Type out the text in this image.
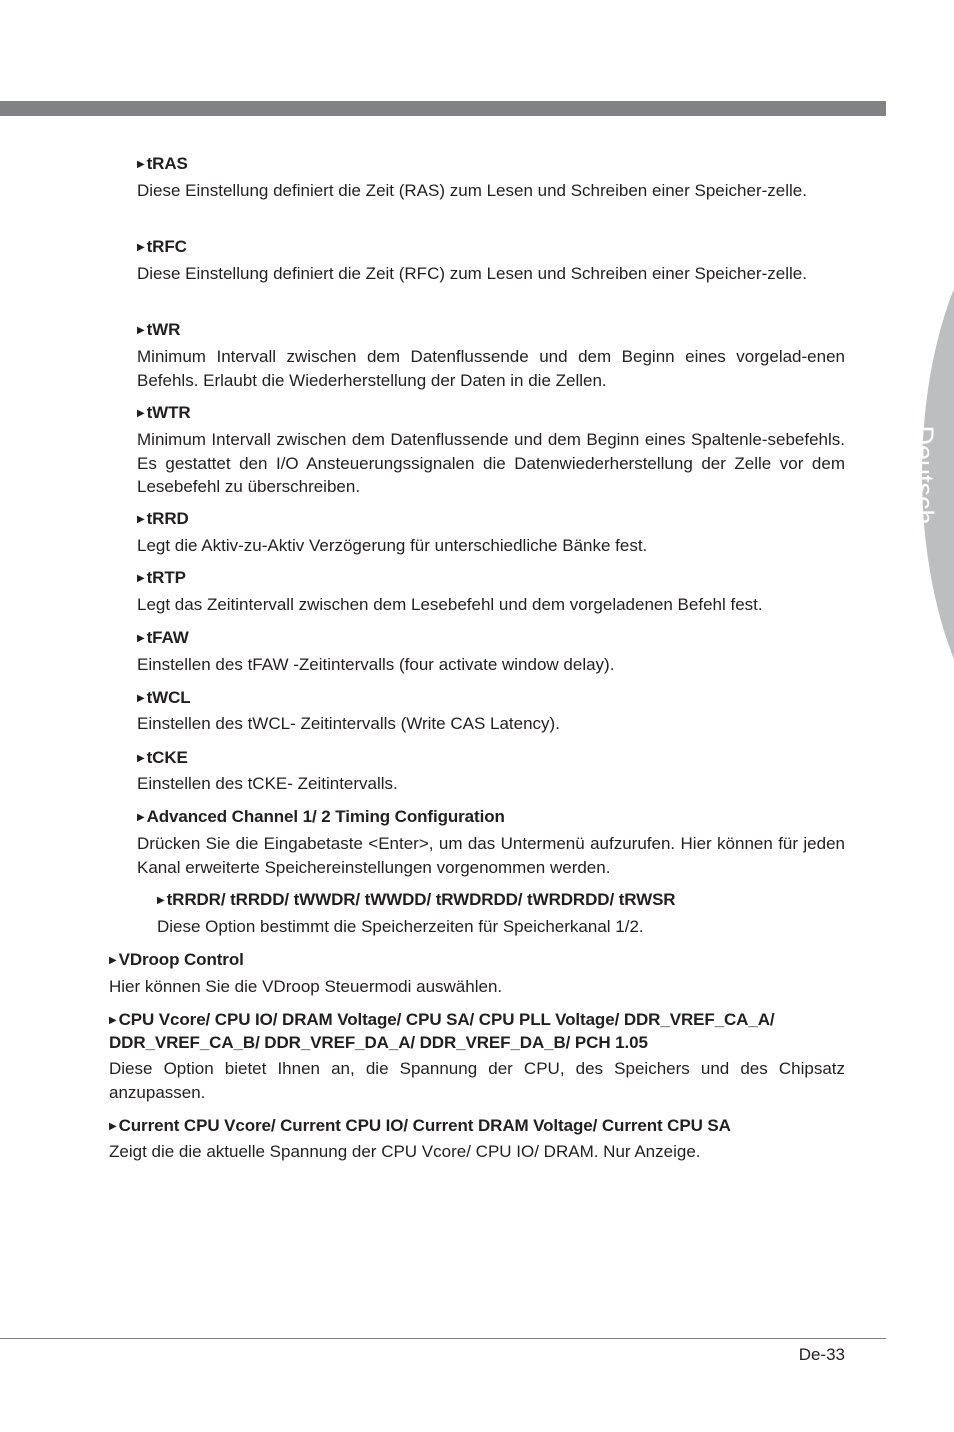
Deutsch
▶ tRAS
Diese Einstellung definiert die Zeit (RAS) zum Lesen und Schreiben einer Speicher-zelle.
▶ tRFC
Diese Einstellung definiert die Zeit (RFC) zum Lesen und Schreiben einer Speicher-zelle.
▶ tWR
Minimum Intervall zwischen dem Datenflussende und dem Beginn eines vorgelad-enen Befehls. Erlaubt die Wiederherstellung der Daten in die Zellen.
▶ tWTR
Minimum Intervall zwischen dem Datenflussende und dem Beginn eines Spaltenle-sebefehls. Es gestattet den I/O Ansteuerungssignalen die Datenwiederherstellung der Zelle vor dem Lesebefehl zu überschreiben.
▶ tRRD
Legt die Aktiv-zu-Aktiv Verzögerung für unterschiedliche Bänke fest.
▶ tRTP
Legt das Zeitintervall zwischen dem Lesebefehl und dem vorgeladenen Befehl fest.
▶ tFAW
Einstellen des tFAW -Zeitintervalls (four activate window delay).
▶ tWCL
Einstellen des tWCL- Zeitintervalls (Write CAS Latency).
▶ tCKE
Einstellen des tCKE- Zeitintervalls.
▶ Advanced Channel 1/ 2 Timing Configuration
Drücken Sie die Eingabetaste <Enter>, um das Untermenü aufzurufen. Hier können für jeden Kanal erweiterte Speichereinstellungen vorgenommen werden.
▶ tRRDR/ tRRDD/ tWWDR/ tWWDD/ tRWDRDD/ tWRDRDD/ tRWSR
Diese Option bestimmt die Speicherzeiten für Speicherkanal 1/2.
▶ VDroop Control
Hier können Sie die VDroop Steuermodi auswählen.
▶ CPU Vcore/ CPU IO/ DRAM Voltage/ CPU SA/ CPU PLL Voltage/ DDR_VREF_CA_A/
DDR_VREF_CA_B/ DDR_VREF_DA_A/ DDR_VREF_DA_B/ PCH 1.05
Diese Option bietet Ihnen an, die Spannung der CPU, des Speichers und des Chipsatz anzupassen.
▶ Current CPU Vcore/ Current CPU IO/ Current DRAM Voltage/ Current CPU SA
Zeigt die die aktuelle Spannung der CPU Vcore/ CPU IO/ DRAM. Nur Anzeige.
De-33
